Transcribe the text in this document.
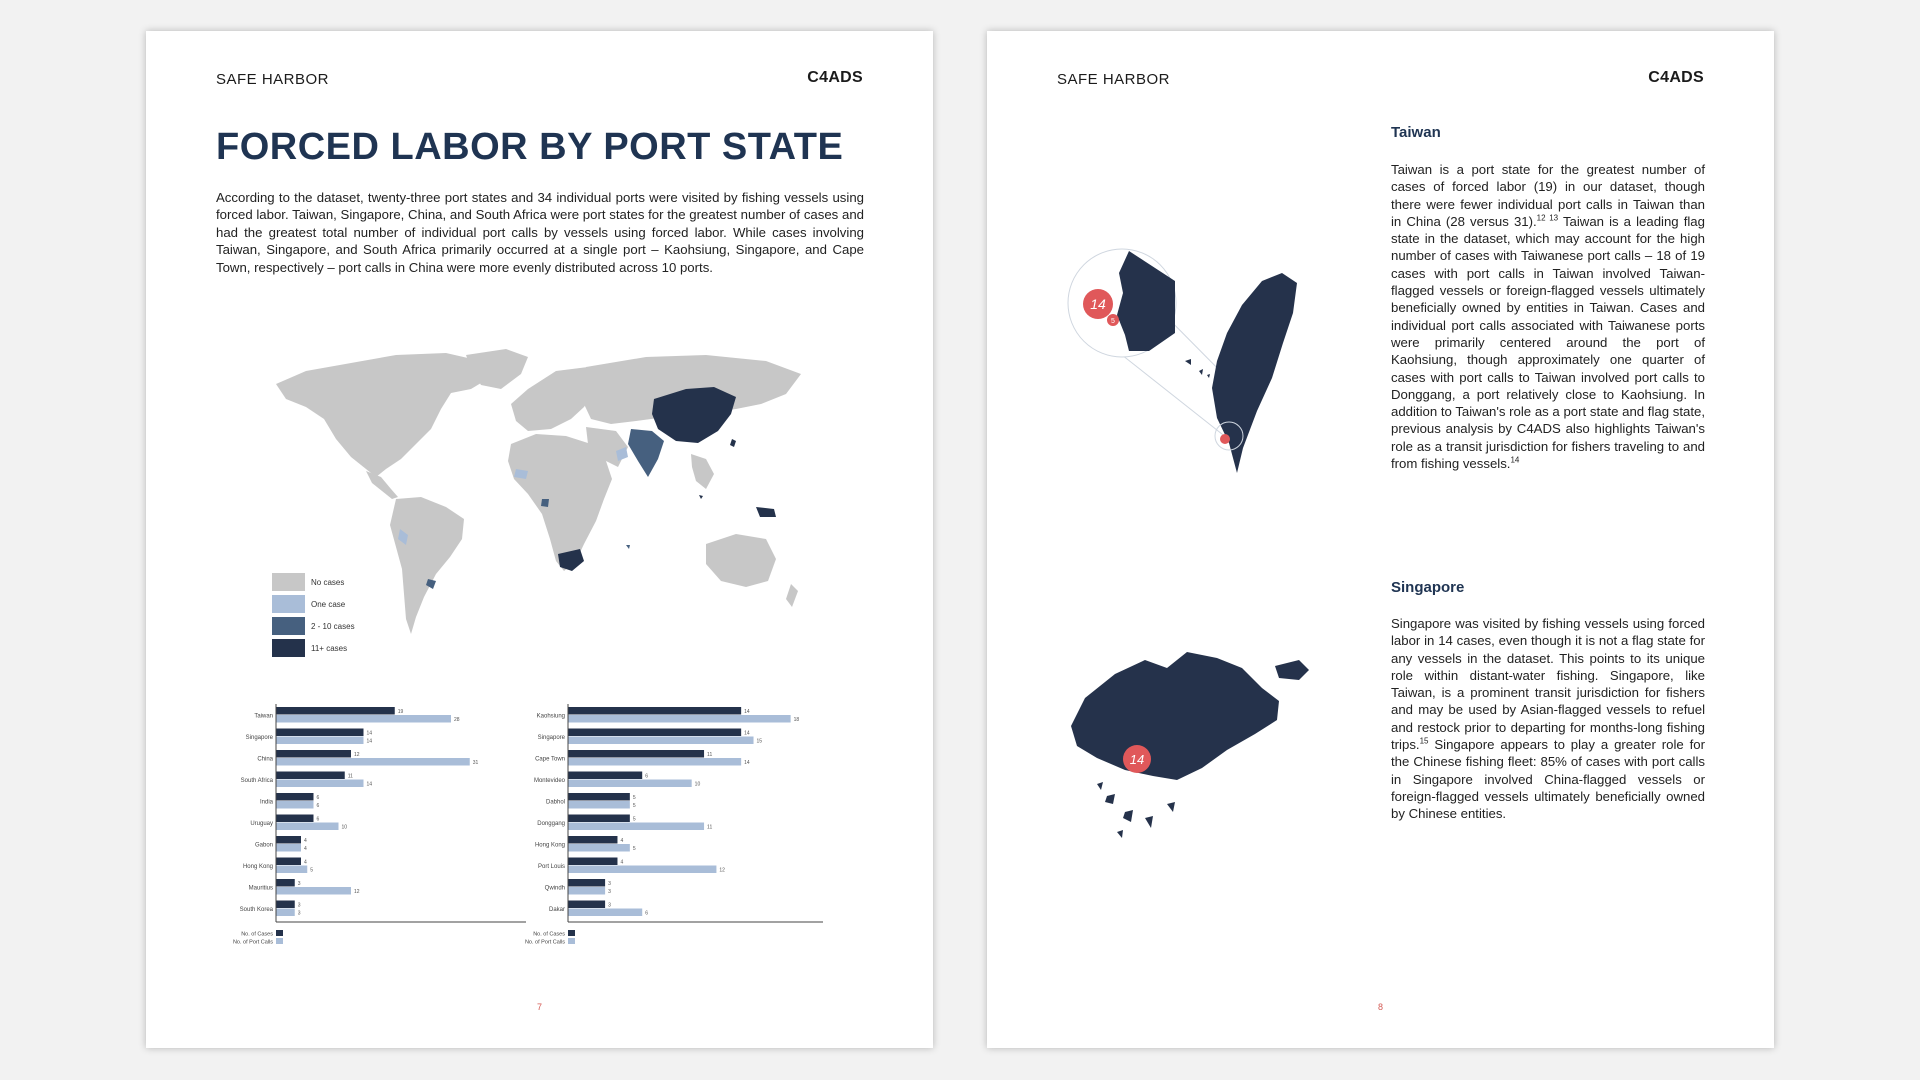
SAFE HARBOR	C4ADS
FORCED LABOR BY PORT STATE
According to the dataset, twenty-three port states and 34 individual ports were visited by fishing vessels using forced labor. Taiwan, Singapore, China, and South Africa were port states for the greatest number of cases and had the greatest total number of individual port calls by vessels using forced labor. While cases involving Taiwan, Singapore, and South Africa primarily occurred at a single port – Kaohsiung, Singapore, and Cape Town, respectively – port calls in China were more evenly distributed across 10 ports.
No cases
One case
2 - 10 cases
11+ cases
Taiwan
19
28
Singapore
14
14
China
12
31
South Africa
11
14
India
6
6
Uruguay
6
10
Gabon
4
4
Hong Kong
4
5
Mauritius
3
12
South Korea
3
3
No. of Cases
No. of Port Calls
Kaohsiung
14
18
Singapore
14
15
Cape Town
11
14
Montevideo
6
10
Dabhol
5
5
Donggang
5
11
Hong Kong
4
5
Port Louis
4
12
Qwindh
3
3
Dakar
3
6
No. of Cases
No. of Port Calls
7
SAFE HARBOR	C4ADS
Taiwan
Taiwan is a port state for the greatest number of cases of forced labor (19) in our dataset, though there were fewer individual port calls in Taiwan than in China (28 versus 31).$^{12 13}$ Taiwan is a leading flag state in the dataset, which may account for the high number of cases with Taiwanese port calls – 18 of 19 cases with port calls in Taiwan involved Taiwan-flagged vessels or foreign-flagged vessels ultimately beneficially owned by entities in Taiwan. Cases and individual port calls associated with Taiwanese ports were primarily centered around the port of Kaohsiung, though approximately one quarter of cases with port calls to Taiwan involved port calls to Donggang, a port relatively close to Kaohsiung. In addition to Taiwan's role as a port state and flag state, previous analysis by C4ADS also highlights Taiwan's role as a transit jurisdiction for fishers traveling to and from fishing vessels.$^{14}$
Singapore
Singapore was visited by fishing vessels using forced labor in 14 cases, even though it is not a flag state for any vessels in the dataset. This points to its unique role within distant-water fishing. Singapore, like Taiwan, is a prominent transit jurisdiction for fishers and may be used by Asian-flagged vessels to refuel and restock prior to departing for months-long fishing trips.$^{15}$ Singapore appears to play a greater role for the Chinese fishing fleet: 85% of cases with port calls in Singapore involved China-flagged vessels or foreign-flagged vessels ultimately beneficially owned by Chinese entities.
14
5
14
8
